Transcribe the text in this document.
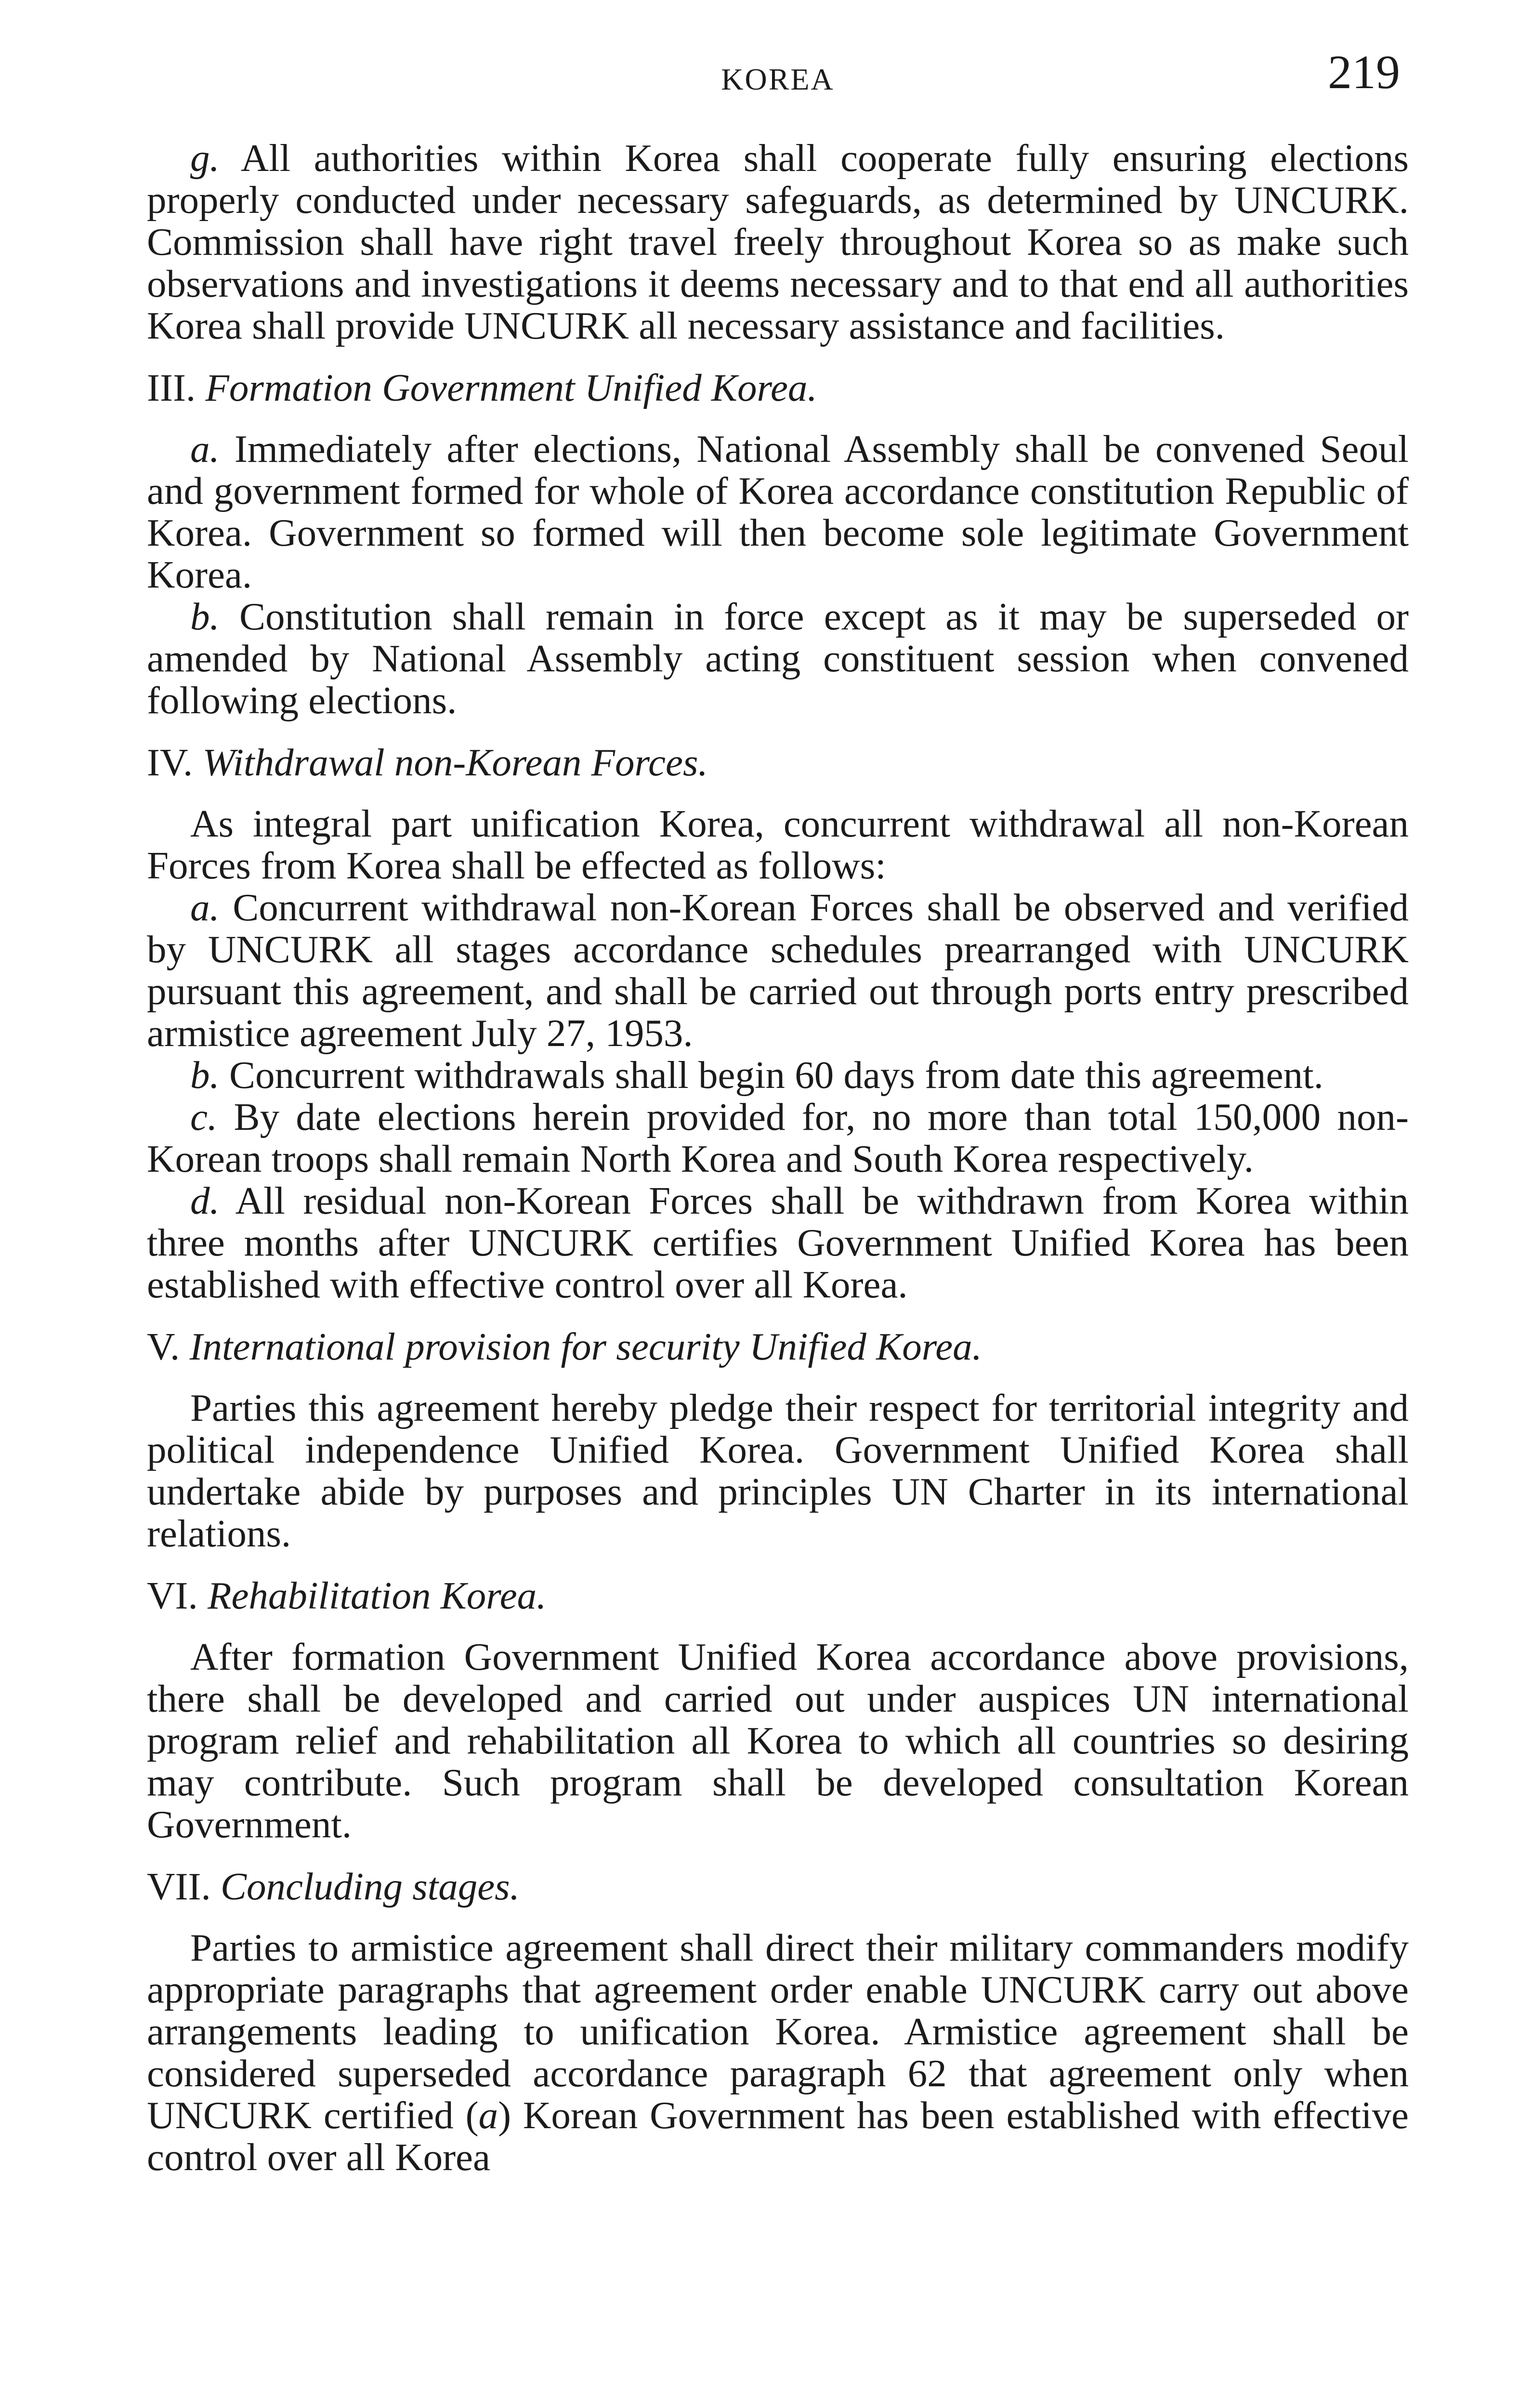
KOREA	219

g. All authorities within Korea shall cooperate fully ensuring elections properly conducted under necessary safeguards, as determined by UNCURK. Commission shall have right travel freely throughout Korea so as make such observations and investigations it deems necessary and to that end all authorities Korea shall provide UNCURK all necessary assistance and facilities.

III. Formation Government Unified Korea.

a. Immediately after elections, National Assembly shall be convened Seoul and government formed for whole of Korea accordance constitution Republic of Korea. Government so formed will then become sole legitimate Government Korea.

b. Constitution shall remain in force except as it may be superseded or amended by National Assembly acting constituent session when convened following elections.

IV. Withdrawal non-Korean Forces.

As integral part unification Korea, concurrent withdrawal all non-Korean Forces from Korea shall be effected as follows:

a. Concurrent withdrawal non-Korean Forces shall be observed and verified by UNCURK all stages accordance schedules prearranged with UNCURK pursuant this agreement, and shall be carried out through ports entry prescribed armistice agreement July 27, 1953.

b. Concurrent withdrawals shall begin 60 days from date this agreement.

c. By date elections herein provided for, no more than total 150,000 non-Korean troops shall remain North Korea and South Korea respectively.

d. All residual non-Korean Forces shall be withdrawn from Korea within three months after UNCURK certifies Government Unified Korea has been established with effective control over all Korea.

V. International provision for security Unified Korea.

Parties this agreement hereby pledge their respect for territorial integrity and political independence Unified Korea. Government Unified Korea shall undertake abide by purposes and principles UN Charter in its international relations.

VI. Rehabilitation Korea.

After formation Government Unified Korea accordance above provisions, there shall be developed and carried out under auspices UN international program relief and rehabilitation all Korea to which all countries so desiring may contribute. Such program shall be developed consultation Korean Government.

VII. Concluding stages.

Parties to armistice agreement shall direct their military commanders modify appropriate paragraphs that agreement order enable UNCURK carry out above arrangements leading to unification Korea. Armistice agreement shall be considered superseded accordance paragraph 62 that agreement only when UNCURK certified (a) Korean Government has been established with effective control over all Korea
